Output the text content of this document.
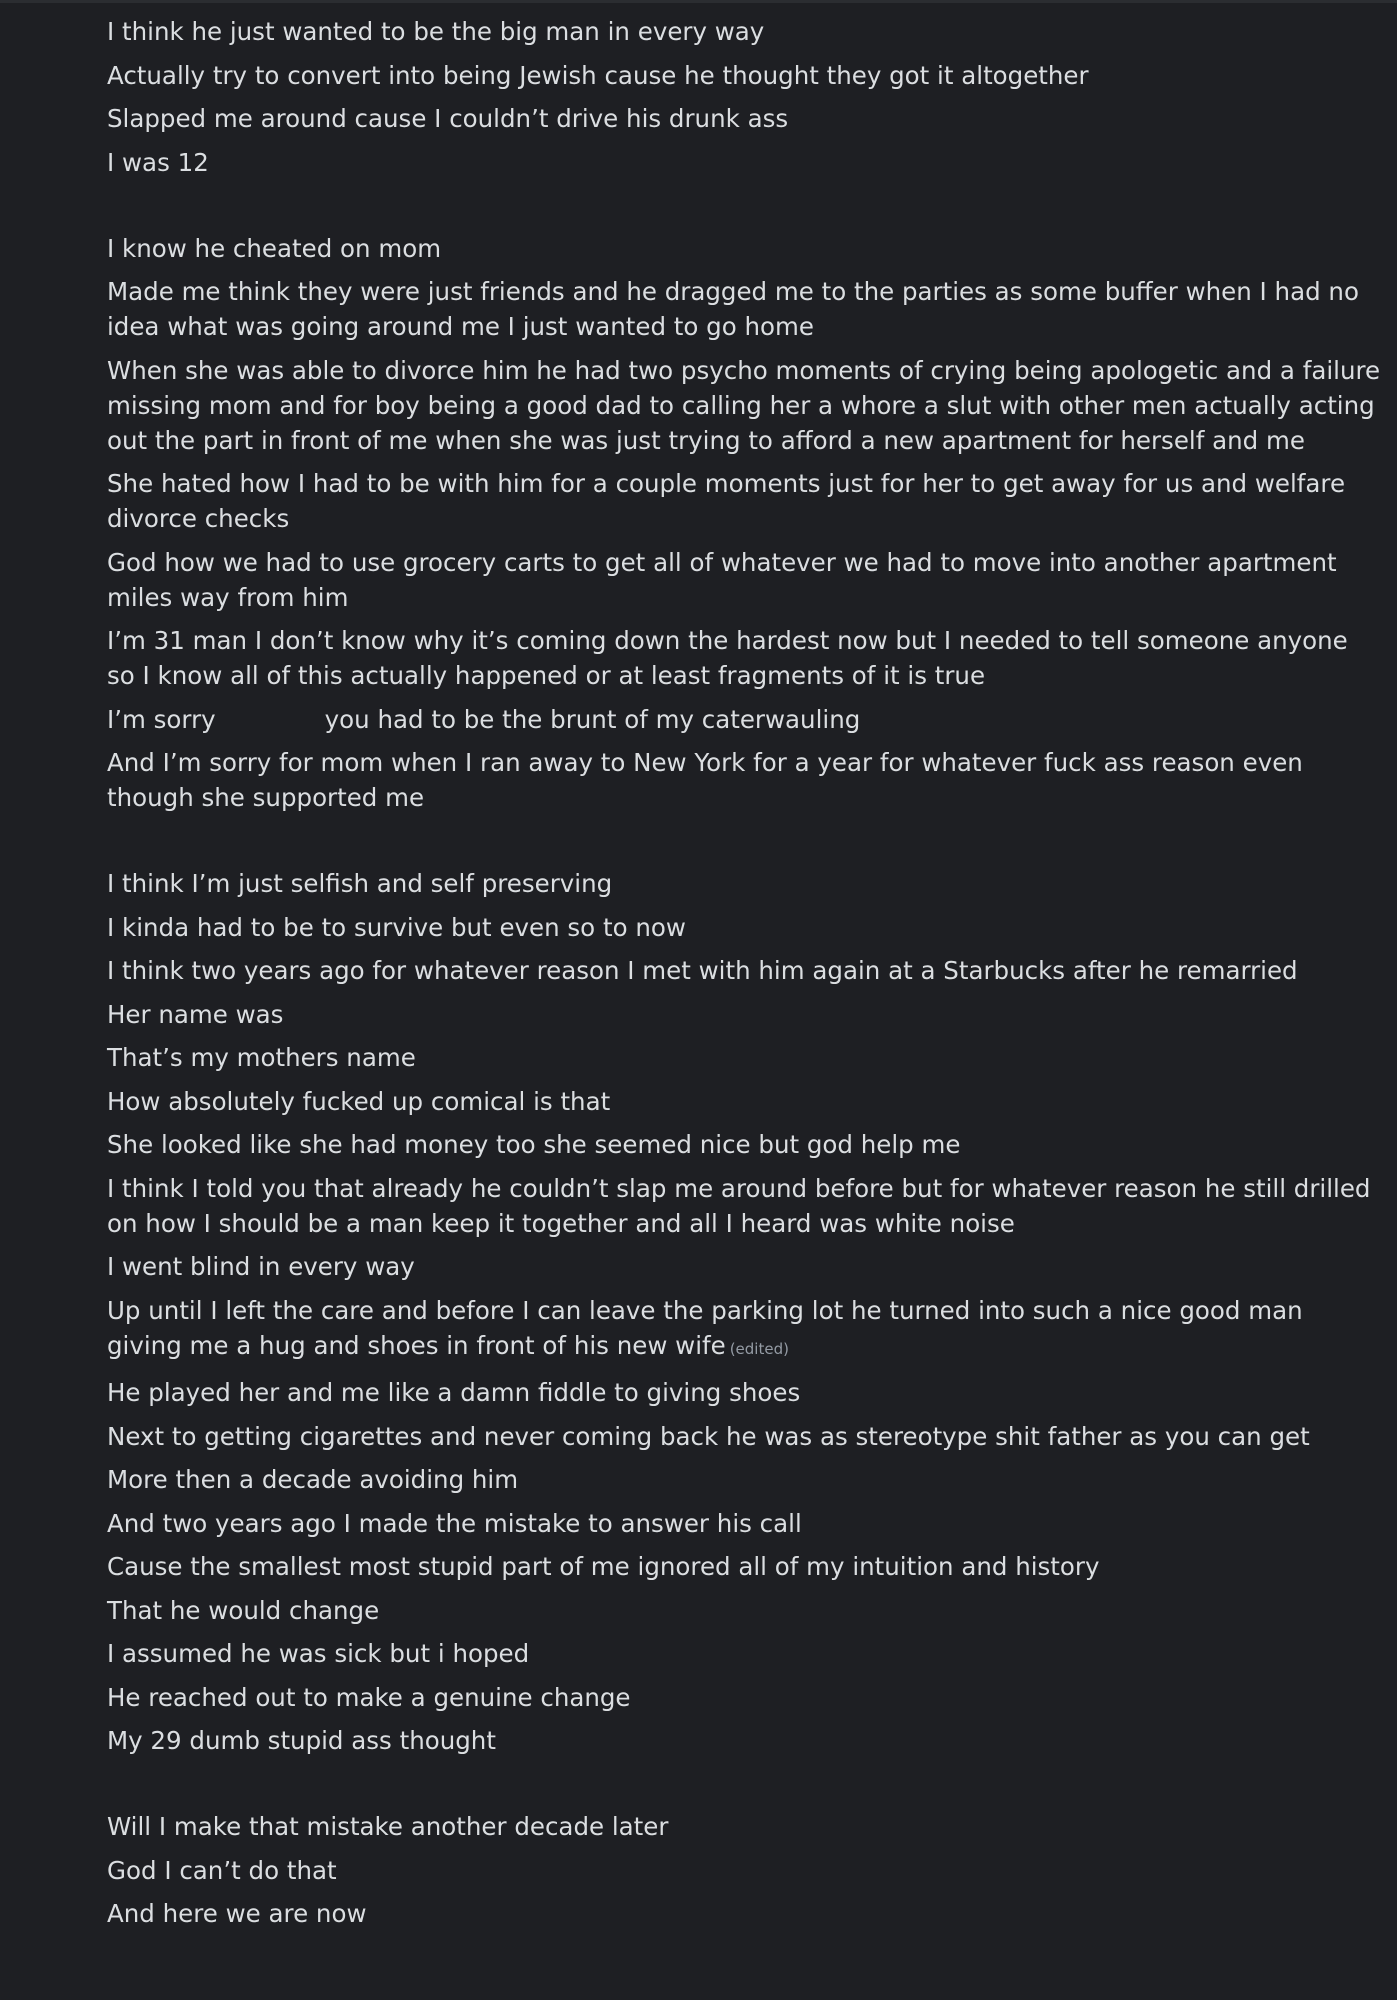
I think he just wanted to be the big man in every way
Actually try to convert into being Jewish cause he thought they got it altogether
Slapped me around cause I couldn’t drive his drunk ass
I was 12
I know he cheated on mom
Made me think they were just friends and he dragged me to the parties as some buffer when I had no idea what was going around me I just wanted to go home
When she was able to divorce him he had two psycho moments of crying being apologetic and a failure missing mom and for boy being a good dad to calling her a whore a slut with other men actually acting out the part in front of me when she was just trying to afford a new apartment for herself and me
She hated how I had to be with him for a couple moments just for her to get away for us and welfare divorce checks
God how we had to use grocery carts to get all of whatever we had to move into another apartment miles way from him
I’m 31 man I don’t know why it’s coming down the hardest now but I needed to tell someone anyone so I know all of this actually happened or at least fragments of it is true
I’m sorry              you had to be the brunt of my caterwauling
And I’m sorry for mom when I ran away to New York for a year for whatever fuck ass reason even though she supported me
I think I’m just selfish and self preserving
I kinda had to be to survive but even so to now
I think two years ago for whatever reason I met with him again at a Starbucks after he remarried
Her name was
That’s my mothers name
How absolutely fucked up comical is that
She looked like she had money too she seemed nice but god help me
I think I told you that already he couldn’t slap me around before but for whatever reason he still drilled on how I should be a man keep it together and all I heard was white noise
I went blind in every way
Up until I left the care and before I can leave the parking lot he turned into such a nice good man giving me a hug and shoes in front of his new wife (edited)
He played her and me like a damn fiddle to giving shoes
Next to getting cigarettes and never coming back he was as stereotype shit father as you can get
More then a decade avoiding him
And two years ago I made the mistake to answer his call
Cause the smallest most stupid part of me ignored all of my intuition and history
That he would change
I assumed he was sick but i hoped
He reached out to make a genuine change
My 29 dumb stupid ass thought
Will I make that mistake another decade later
God I can’t do that
And here we are now
